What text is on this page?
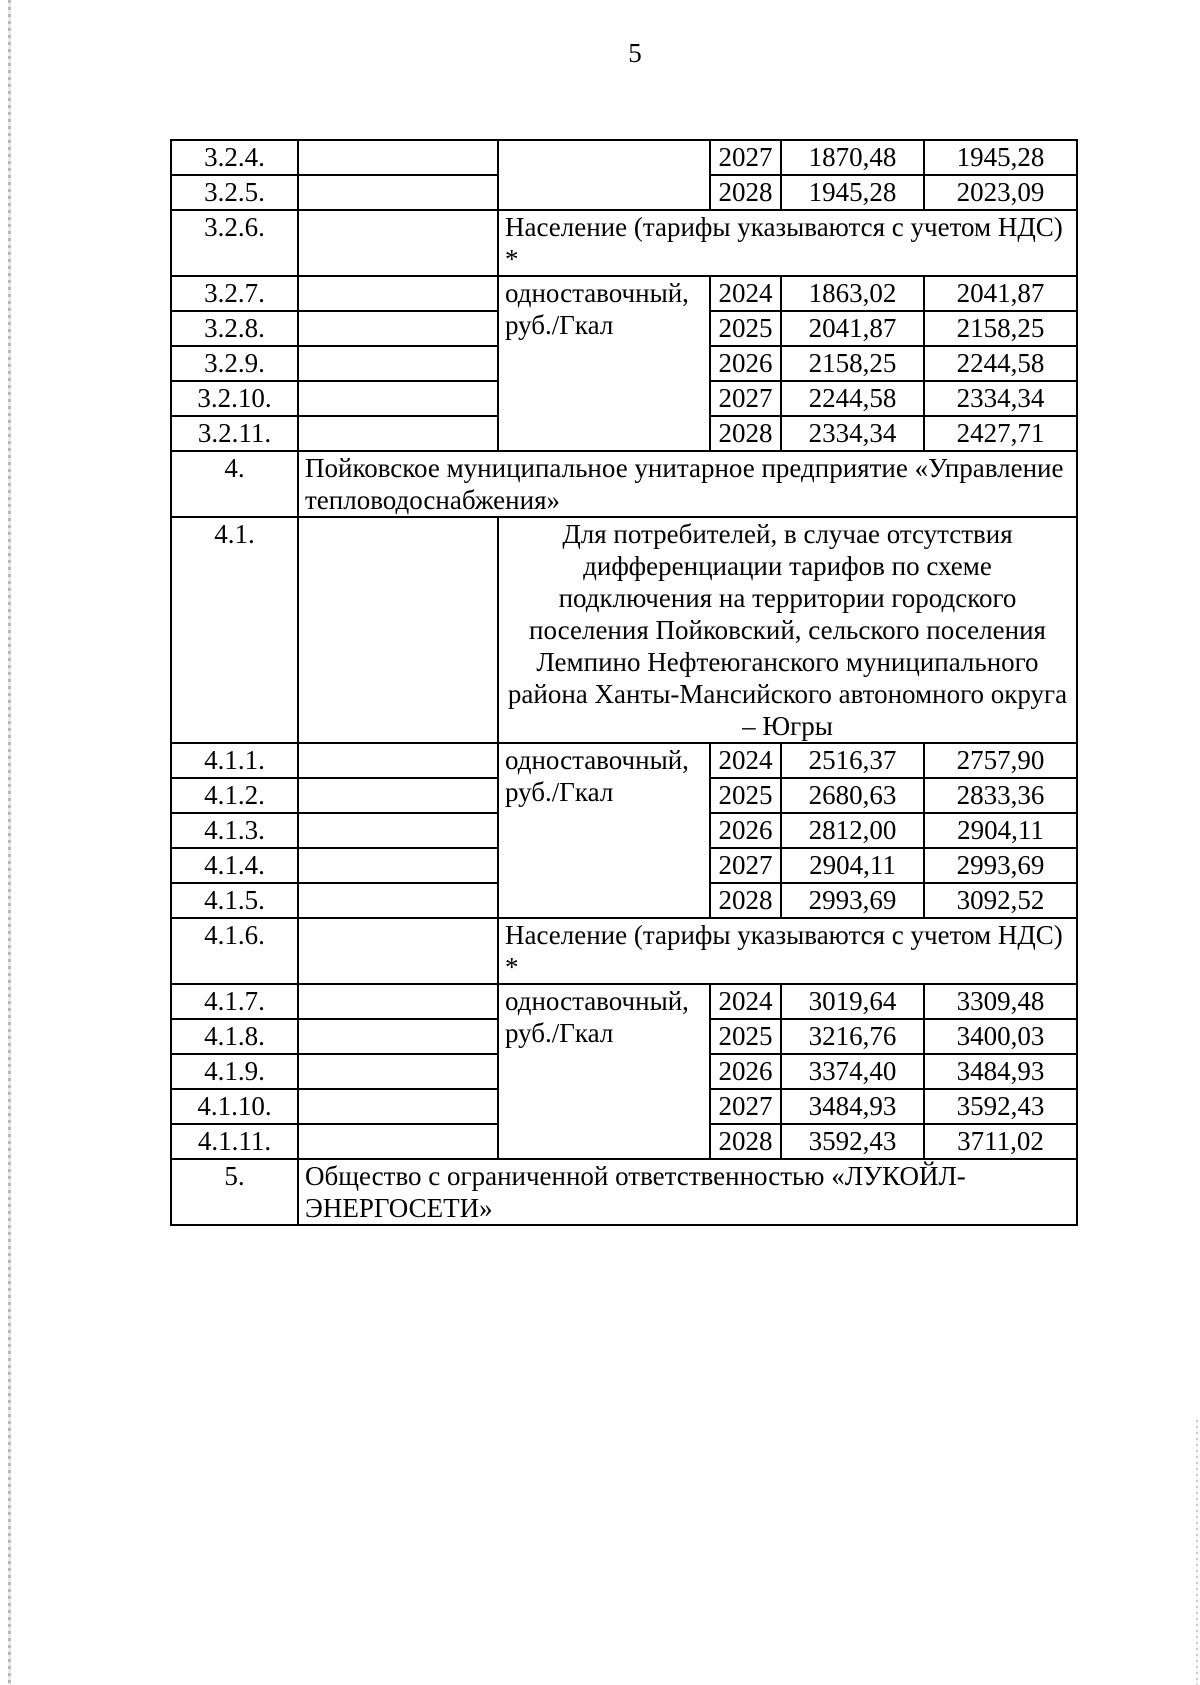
5
3.2.4.			2027	1870,48	1945,28
3.2.5.			2028	1945,28	2023,09
3.2.6.		Население (тарифы указываются с учетом НДС) *			
3.2.7.		одноставочный, руб./Гкал	2024	1863,02	2041,87
3.2.8.			2025	2041,87	2158,25
3.2.9.			2026	2158,25	2244,58
3.2.10.			2027	2244,58	2334,34
3.2.11.			2028	2334,34	2427,71
4.	Пойковское муниципальное унитарное предприятие «Управление тепловодоснабжения»				
4.1.		Для потребителей, в случае отсутствия дифференциации тарифов по схеме подключения на территории городского поселения Пойковский, сельского поселения Лемпино Нефтеюганского муниципального района Ханты-Мансийского автономного округа – Югры			
4.1.1.		одноставочный, руб./Гкал	2024	2516,37	2757,90
4.1.2.			2025	2680,63	2833,36
4.1.3.			2026	2812,00	2904,11
4.1.4.			2027	2904,11	2993,69
4.1.5.			2028	2993,69	3092,52
4.1.6.		Население (тарифы указываются с учетом НДС) *			
4.1.7.		одноставочный, руб./Гкал	2024	3019,64	3309,48
4.1.8.			2025	3216,76	3400,03
4.1.9.			2026	3374,40	3484,93
4.1.10.			2027	3484,93	3592,43
4.1.11.			2028	3592,43	3711,02
5.	Общество с ограниченной ответственностью «ЛУКОЙЛ-ЭНЕРГОСЕТИ»				
